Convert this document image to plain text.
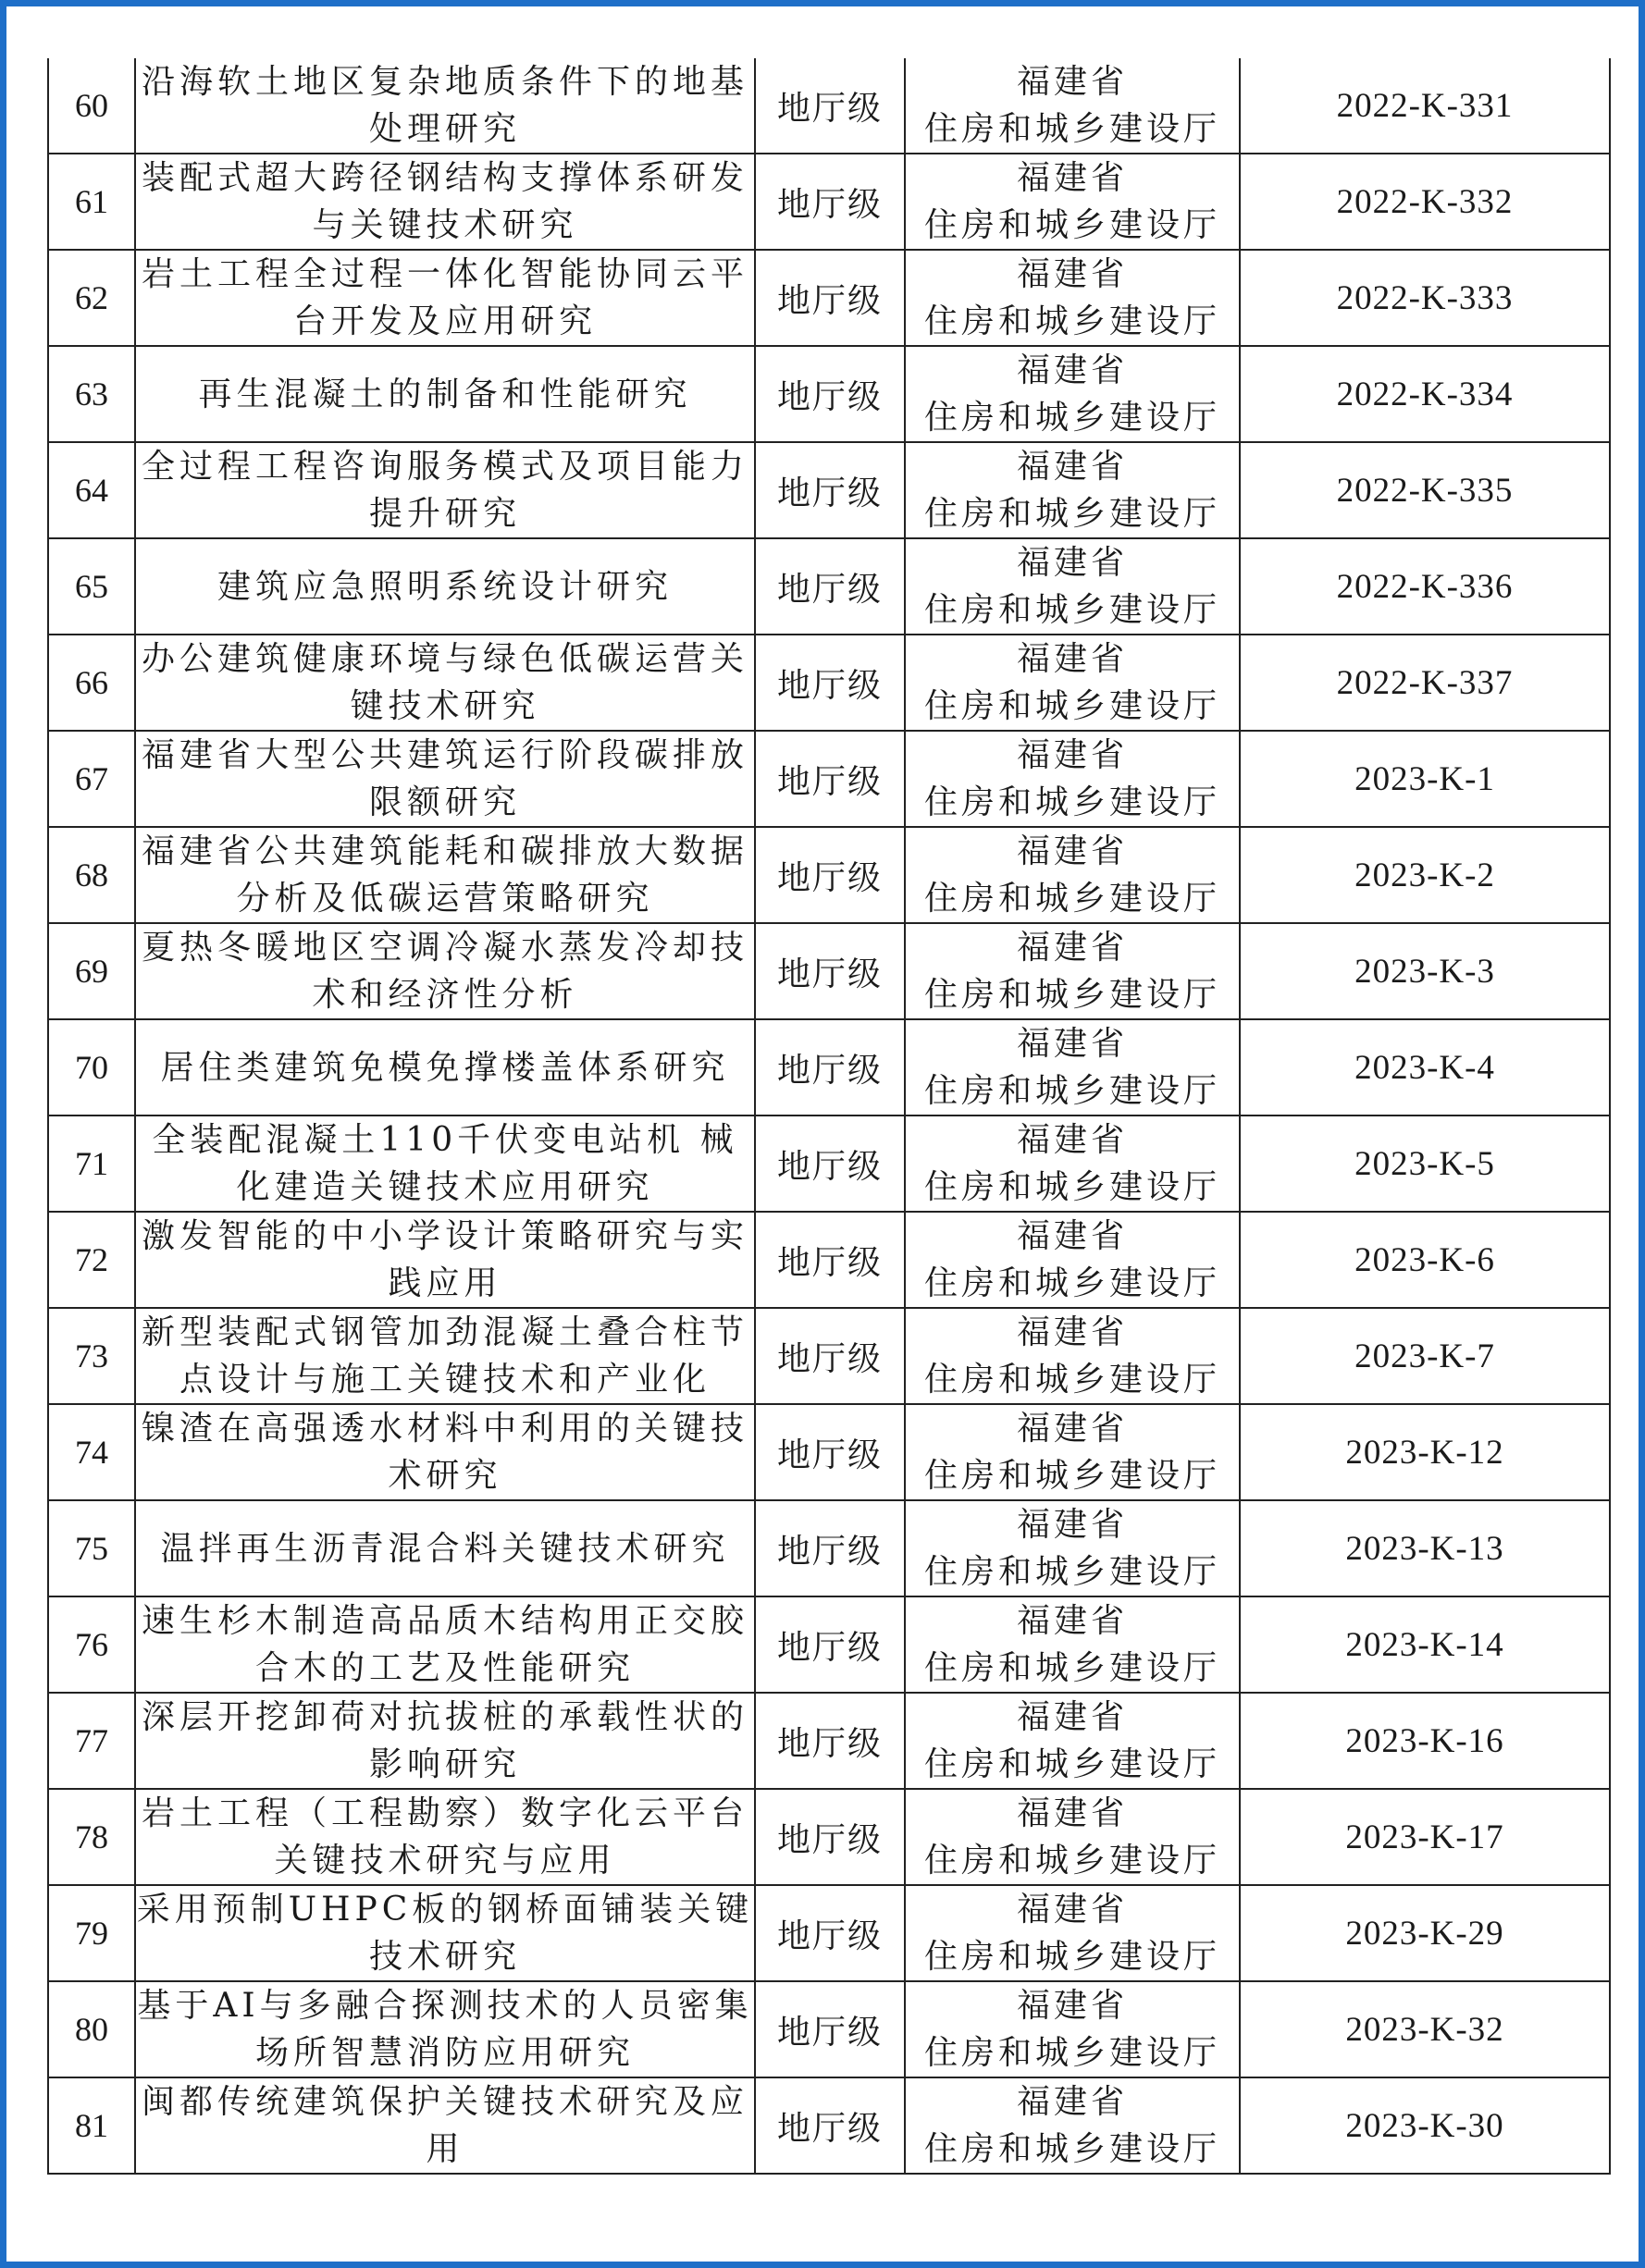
60	沿海软土地区复杂地质条件下的地基处理研究	地厅级	福建省
住房和城乡建设厅	2022-K-331
61	装配式超大跨径钢结构支撑体系研发与关键技术研究	地厅级	福建省
住房和城乡建设厅	2022-K-332
62	岩土工程全过程一体化智能协同云平台开发及应用研究	地厅级	福建省
住房和城乡建设厅	2022-K-333
63	再生混凝土的制备和性能研究	地厅级	福建省
住房和城乡建设厅	2022-K-334
64	全过程工程咨询服务模式及项目能力提升研究	地厅级	福建省
住房和城乡建设厅	2022-K-335
65	建筑应急照明系统设计研究	地厅级	福建省
住房和城乡建设厅	2022-K-336
66	办公建筑健康环境与绿色低碳运营关键技术研究	地厅级	福建省
住房和城乡建设厅	2022-K-337
67	福建省大型公共建筑运行阶段碳排放限额研究	地厅级	福建省
住房和城乡建设厅	2023-K-1
68	福建省公共建筑能耗和碳排放大数据分析及低碳运营策略研究	地厅级	福建省
住房和城乡建设厅	2023-K-2
69	夏热冬暖地区空调冷凝水蒸发冷却技术和经济性分析	地厅级	福建省
住房和城乡建设厅	2023-K-3
70	居住类建筑免模免撑楼盖体系研究	地厅级	福建省
住房和城乡建设厅	2023-K-4
71	全装配混凝土110千伏变电站机 械化建造关键技术应用研究	地厅级	福建省
住房和城乡建设厅	2023-K-5
72	激发智能的中小学设计策略研究与实践应用	地厅级	福建省
住房和城乡建设厅	2023-K-6
73	新型装配式钢管加劲混凝土叠合柱节点设计与施工关键技术和产业化	地厅级	福建省
住房和城乡建设厅	2023-K-7
74	镍渣在高强透水材料中利用的关键技术研究	地厅级	福建省
住房和城乡建设厅	2023-K-12
75	温拌再生沥青混合料关键技术研究	地厅级	福建省
住房和城乡建设厅	2023-K-13
76	速生杉木制造高品质木结构用正交胶合木的工艺及性能研究	地厅级	福建省
住房和城乡建设厅	2023-K-14
77	深层开挖卸荷对抗拔桩的承载性状的影响研究	地厅级	福建省
住房和城乡建设厅	2023-K-16
78	岩土工程（工程勘察）数字化云平台关键技术研究与应用	地厅级	福建省
住房和城乡建设厅	2023-K-17
79	采用预制UHPC板的钢桥面铺装关键技术研究	地厅级	福建省
住房和城乡建设厅	2023-K-29
80	基于AI与多融合探测技术的人员密集场所智慧消防应用研究	地厅级	福建省
住房和城乡建设厅	2023-K-32
81	闽都传统建筑保护关键技术研究及应用	地厅级	福建省
住房和城乡建设厅	2023-K-30
